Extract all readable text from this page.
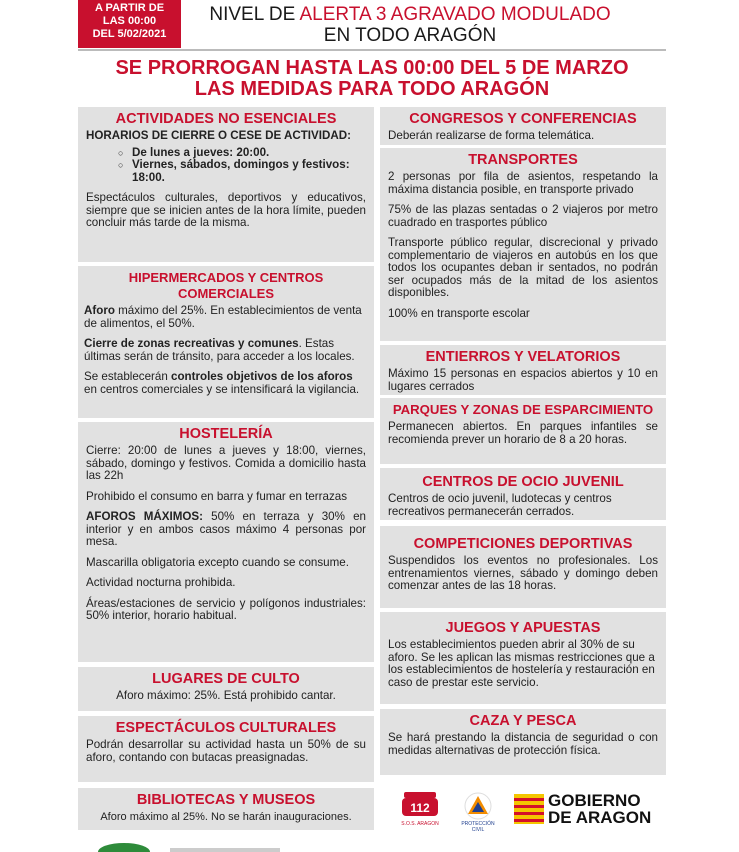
A PARTIR DE
LAS 00:00
DEL 5/02/2021
NIVEL DE ALERTA 3 AGRAVADO MODULADO
EN TODO ARAGÓN
SE PRORROGAN HASTA LAS 00:00 DEL 5 DE MARZO
LAS MEDIDAS PARA TODO ARAGÓN
ACTIVIDADES NO ESENCIALES

HORARIOS DE CIERRE O CESE DE ACTIVIDAD:

○ De lunes a jueves: 20:00.
○ Viernes, sábados, domingos y festivos: 18:00.

Espectáculos culturales, deportivos y educativos, siempre que se inicien antes de la hora límite, pueden concluir más tarde de la misma.

HIPERMERCADOS Y CENTROS COMERCIALES

Aforo máximo del 25%. En establecimientos de venta de alimentos, el 50%.

Cierre de zonas recreativas y comunes. Estas últimas serán de tránsito, para acceder a los locales.

Se establecerán controles objetivos de los aforos en centros comerciales y se intensificará la vigilancia.

HOSTELERÍA

Cierre: 20:00 de lunes a jueves y 18:00, viernes, sábado, domingo y festivos. Comida a domicilio hasta las 22h

Prohibido el consumo en barra y fumar en terrazas

AFOROS MÁXIMOS: 50% en terraza y 30% en interior y en ambos casos máximo 4 personas por mesa.

Mascarilla obligatoria excepto cuando se consume.

Actividad nocturna prohibida.

Áreas/estaciones de servicio y polígonos industriales: 50% interior, horario habitual.

LUGARES DE CULTO

Aforo máximo: 25%. Está prohibido cantar.

ESPECTÁCULOS CULTURALES

Podrán desarrollar su actividad hasta un 50% de su aforo, contando con butacas preasignadas.

BIBLIOTECAS Y MUSEOS

Aforo máximo al 25%. No se harán inauguraciones.

CONGRESOS Y CONFERENCIAS

Deberán realizarse de forma telemática.

TRANSPORTES

2 personas por fila de asientos, respetando la máxima distancia posible, en transporte privado

75% de las plazas sentadas o 2 viajeros por metro cuadrado en trasportes público

Transporte público regular, discrecional y privado complementario de viajeros en autobús en los que todos los ocupantes deban ir sentados, no podrán ser ocupados más de la mitad de los asientos disponibles.

100% en transporte escolar

ENTIERROS Y VELATORIOS

Máximo 15 personas en espacios abiertos y 10 en lugares cerrados

PARQUES Y ZONAS DE ESPARCIMIENTO

Permanecen abiertos. En parques infantiles se recomienda prever un horario de 8 a 20 horas.

CENTROS DE OCIO JUVENIL

Centros de ocio juvenil, ludotecas y centros recreativos permanecerán cerrados.

COMPETICIONES DEPORTIVAS

Suspendidos los eventos no profesionales. Los entrenamientos viernes, sábado y domingo deben comenzar antes de las 18 horas.

JUEGOS Y APUESTAS

Los establecimientos pueden abrir al 30% de su aforo. Se les aplican las mismas restricciones que a los establecimientos de hostelería y restauración en caso de prestar este servicio.

CAZA Y PESCA

Se hará prestando la distancia de seguridad o con medidas alternativas de protección física.

112
S.O.S. ARAGON	PROTECCIÓN CIVIL
GOBIERNO
DE ARAGON
